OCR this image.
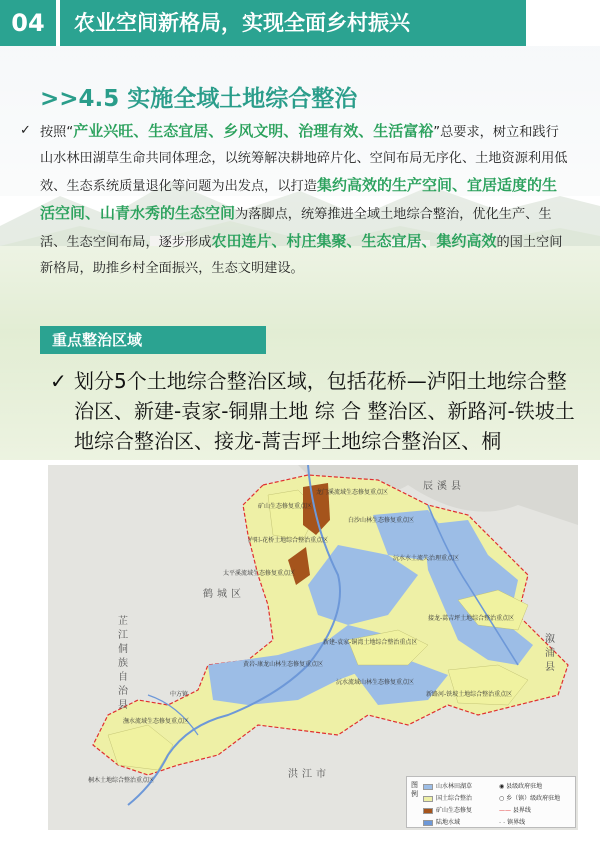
04	农业空间新格局，实现全面乡村振兴
>>4.5 实施全域土地综合整治
✓ 按照“产业兴旺、生态宜居、乡风文明、治理有效、生活富裕”总要求，树立和践行山水林田湖草生命共同体理念，以统筹解决耕地碎片化、空间布局无序化、土地资源利用低效、生态系统质量退化等问题为出发点，以打造集约高效的生产空间、宜居适度的生活空间、山青水秀的生态空间为落脚点，统筹推进全域土地综合整治，优化生产、生活、生态空间布局，逐步形成农田连片、村庄集聚、生态宜居、集约高效的国土空间新格局，助推乡村全面振兴，生态文明建设。
重点整治区域
✓ 划分5个土地综合整治区域，包括花桥—泸阳土地综合整治区、新建-袁家-铜鼎土地 综 合 整治区、新路河-铁坡土地综合整治区、接龙-蒿吉坪土地综合整治区、桐
龙门溪流域生态修复重点区
矿山生态修复重点区
白沙山林生态修复重点区
泸阳-花桥土地综合整治重点区
沅水水土流失治理重点区
太平溪流域生态修复重点区
接龙-蒿吉坪土地综合整治重点区
新建-袁家-铜湾土地综合整治重点区
黄岩-康龙山林生态修复重点区
沅水流域山林生态修复重点区
新路河-铁坡土地综合整治重点区
中方镇
潕水流域生态修复重点区
桐木土地综合整治重点区
辰溪县
鹤城区
洪江市
溆浦县
芷江侗族自治县
图例
山水林田湖草
国土综合整治
矿山生态修复
陆地水域
◉ 县级政府驻地
○ 乡（镇）级政府驻地
—— 县界线
- - 镇界线
